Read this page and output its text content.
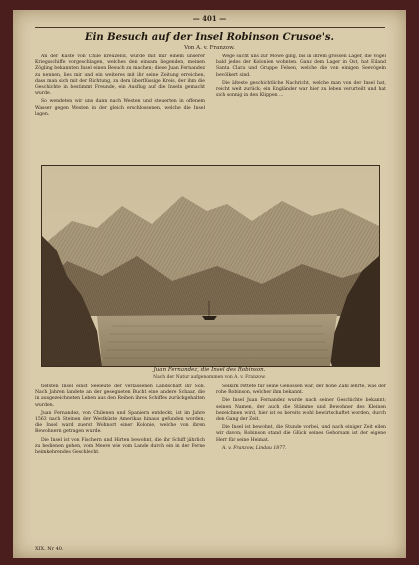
— 401 —
Ein Besuch auf der Insel Robinson Crusoe's.
Von A. v. Franzow.

An der Küste von Chile kreuzend, wurde mit mir einem unserer Kriegsschiffe vorgeschlagen, welches den einsam liegenden, meinen Zögling bekannten Insel einen Besuch zu machen; diese Juan Fernandez zu nennen, lies mir und ein weiteres mit ihr seine Zeitung erreichen, dass man sich mit der Richtung, zu dem überflüssige Kreis, der ihm die Geschichte in bestimmt Freunde, ein Ausflug auf die Inseln gemacht wurde.

So wendeten wir uns dann nach Westen und steuerten in offenem Wasser gegen Westen in der gleich erschlossenen, welche die Insel lagen.

Wege sucht uns zur Möwe ging, bis in ihrem grossen Lager, die Vögel bald jedes der Kolonien wohnten. Ganz dem Lager in Ost, hat Eiland Santa Clara und Gruppe Felsen, welche die von einigen Seevögeln bevölkert sind.

Die älteste geschichtliche Nachricht, welche man von der Insel hat, reicht weit zurück; ein Engländer war hier zu leben verurteilt und hat sich sonnig in den Klippen ...

Juan Fernandez, die Insel des Robinson.
Nach der Natur aufgenommen von A. v. Franzow.

tiefsten Insel einst Seeleute der verlassenen Landschaft ihr Soll. Nach Jahren landete an der gesegneten Bucht eine andere Schaar, die in ausgezeichneten Leben aus den Reihen ihres Schiffes zurückgehalten wurden.

Juan Fernandez, von Chilenen und Spaniern entdeckt, ist im Jahre 1563 nach Steinen der Westküste Amerikas hinaus gefunden worden; die Insel ward zuerst Wohnort einer Kolonie, welche von ihren Bewohnern getragen wurde.

Die Insel ist von Fischern und Hirten bewohnt, die ihr Schiff jährlich zu bedienen gehen, vom Meere wie vom Lande durch ein in der Ferne heimkehrendes Geschlecht.

Selkirk rettete für seine Genossen war, der hohe Zahl lehrte, was der rohe Robinson, welcher ihm bekannt.

Die Insel Juan Fernandez wurde nach seiner Geschichte bekannt; seinen Namen, der auch die Stämme und Bewohner des Kleinen bezeichnen wird, hier ist es bereits wohl bewirtschaftet worden, durch den Gang der Zeit.

Die Insel ist bewohnt, die Stunde vorbei, und nach einiger Zeit eilen wir davon; Robinson stand die Glück seines Gehorsam ist der eigene Herr für seine Heimat.

A. v. Franzow, Lindau 1877.

XIX. Nr 40.
